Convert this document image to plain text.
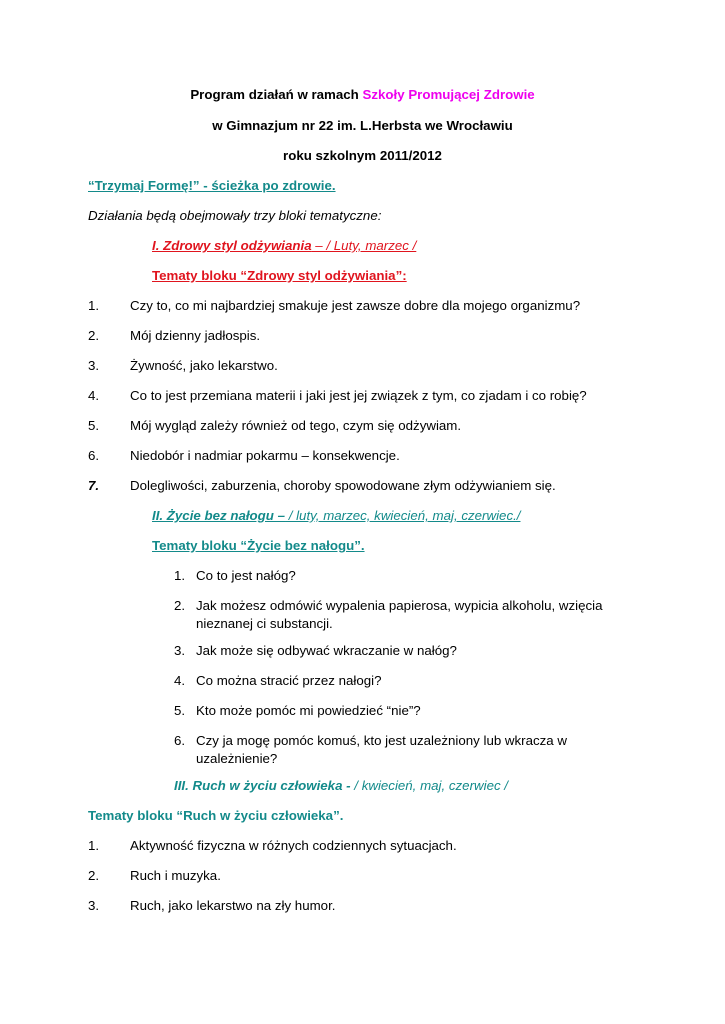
Program działań w ramach Szkoły Promującej Zdrowie
w Gimnazjum nr 22 im. L.Herbsta we Wrocławiu
roku szkolnym 2011/2012
“Trzymaj Formę!” - ścieżka po zdrowie.
Działania będą obejmowały trzy bloki tematyczne:
I. Zdrowy styl odżywiania – / Luty, marzec /
Tematy bloku “Zdrowy styl odżywiania”:
1. Czy to, co mi najbardziej smakuje jest zawsze dobre dla mojego organizmu?
2. Mój dzienny jadłospis.
3. Żywność, jako lekarstwo.
4. Co to jest przemiana materii i jaki jest jej związek z tym, co zjadam i co robię?
5. Mój wygląd zależy również od tego, czym się odżywiam.
6. Niedobór i nadmiar pokarmu – konsekwencje.
7. Dolegliwości, zaburzenia, choroby spowodowane złym odżywianiem się.
II. Życie bez nałogu – / luty, marzec, kwiecień, maj, czerwiec./
Tematy bloku “Życie bez nałogu”.
1. Co to jest nałóg?
2. Jak możesz odmówić wypalenia papierosa, wypicia alkoholu, wzięcia
nieznanej ci substancji.
3. Jak może się odbywać wkraczanie w nałóg?
4. Co można stracić przez nałogi?
5. Kto może pomóc mi powiedzieć “nie”?
6. Czy ja mogę pomóc komuś, kto jest uzależniony lub wkracza w
uzależnienie?
III. Ruch w życiu człowieka - / kwiecień, maj, czerwiec /
Tematy bloku “Ruch w życiu człowieka”.
1. Aktywność fizyczna w różnych codziennych sytuacjach.
2. Ruch i muzyka.
3. Ruch, jako lekarstwo na zły humor.
